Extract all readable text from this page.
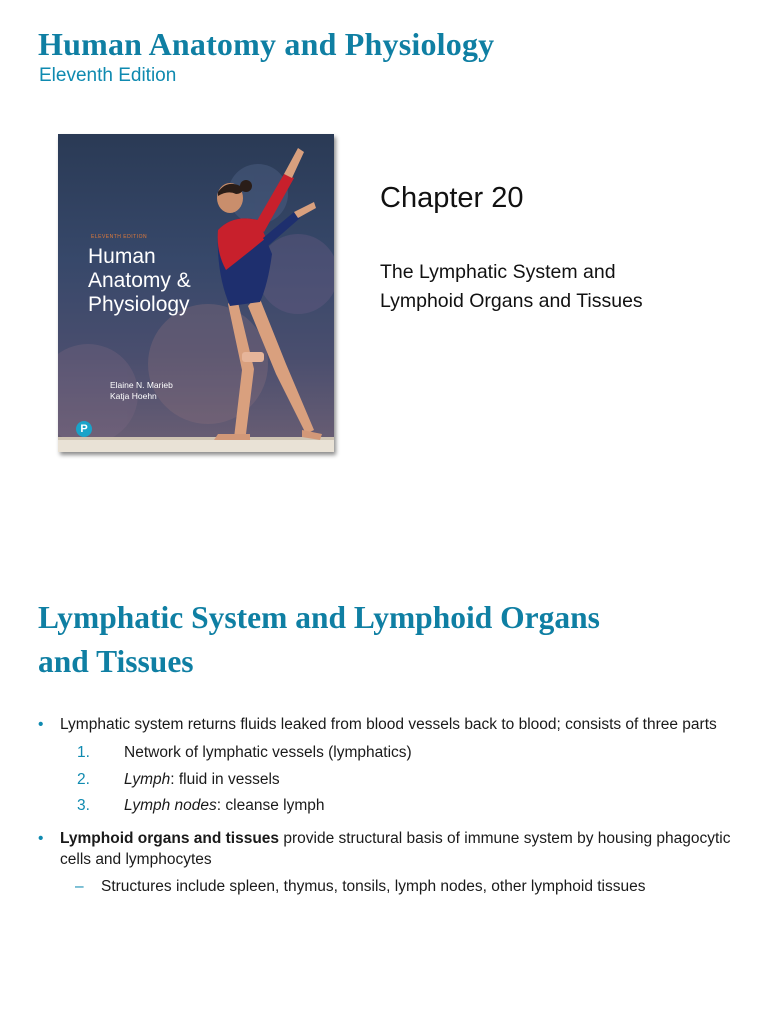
Human Anatomy and Physiology
Eleventh Edition
ELEVENTH EDITION
Human
Anatomy &
Physiology
Elaine N. Marieb
Katja Hoehn
P
Chapter 20
The Lymphatic System and
Lymphoid Organs and Tissues
Lymphatic System and Lymphoid Organs
and Tissues
• Lymphatic system returns fluids leaked from blood vessels back to blood; consists of three parts
1. Network of lymphatic vessels (lymphatics)
2. Lymph: fluid in vessels
3. Lymph nodes: cleanse lymph
• Lymphoid organs and tissues provide structural basis of immune system by housing phagocytic cells and lymphocytes
– Structures include spleen, thymus, tonsils, lymph nodes, other lymphoid tissues
